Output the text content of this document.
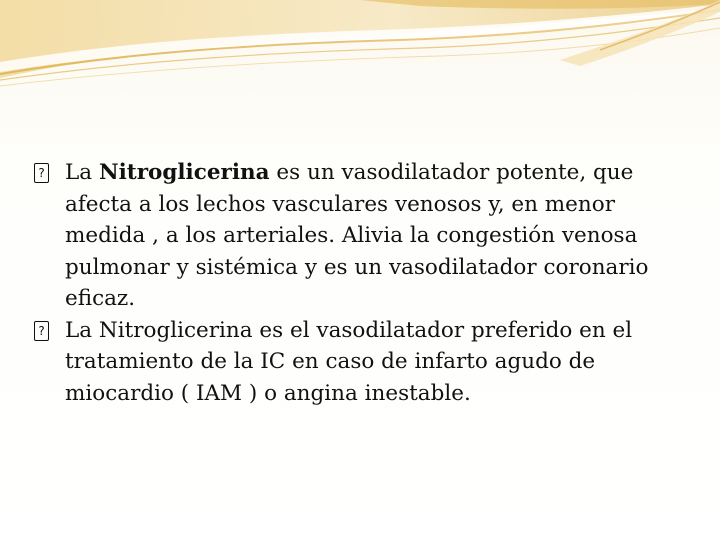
?
La Nitroglicerina es un vasodilatador potente, que afecta a los lechos vasculares venosos y, en menor medida , a los arteriales. Alivia la congestión venosa pulmonar y sistémica y es un vasodilatador coronario eficaz.

?
La Nitroglicerina es el vasodilatador preferido en el tratamiento de la IC en caso de infarto agudo de miocardio ( IAM ) o angina inestable.
